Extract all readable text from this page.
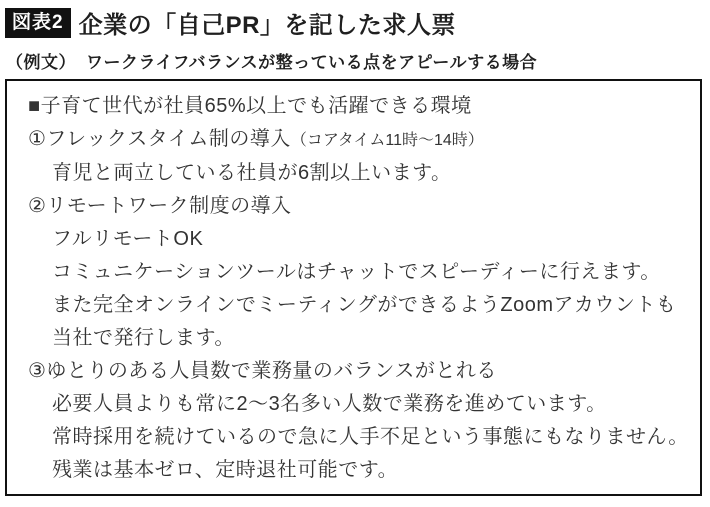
図表2 企業の「自己PR」を記した求人票
（例文） ワークライフバランスが整っている点をアピールする場合
■子育て世代が社員65%以上でも活躍できる環境
①フレックスタイム制の導入（コアタイム11時～14時）
育児と両立している社員が6割以上います。
②リモートワーク制度の導入
フルリモートOK
コミュニケーションツールはチャットでスピーディーに行えます。
また完全オンラインでミーティングができるようZoomアカウントも
当社で発行します。
③ゆとりのある人員数で業務量のバランスがとれる
必要人員よりも常に2～3名多い人数で業務を進めています。
常時採用を続けているので急に人手不足という事態にもなりません。
残業は基本ゼロ、定時退社可能です。
